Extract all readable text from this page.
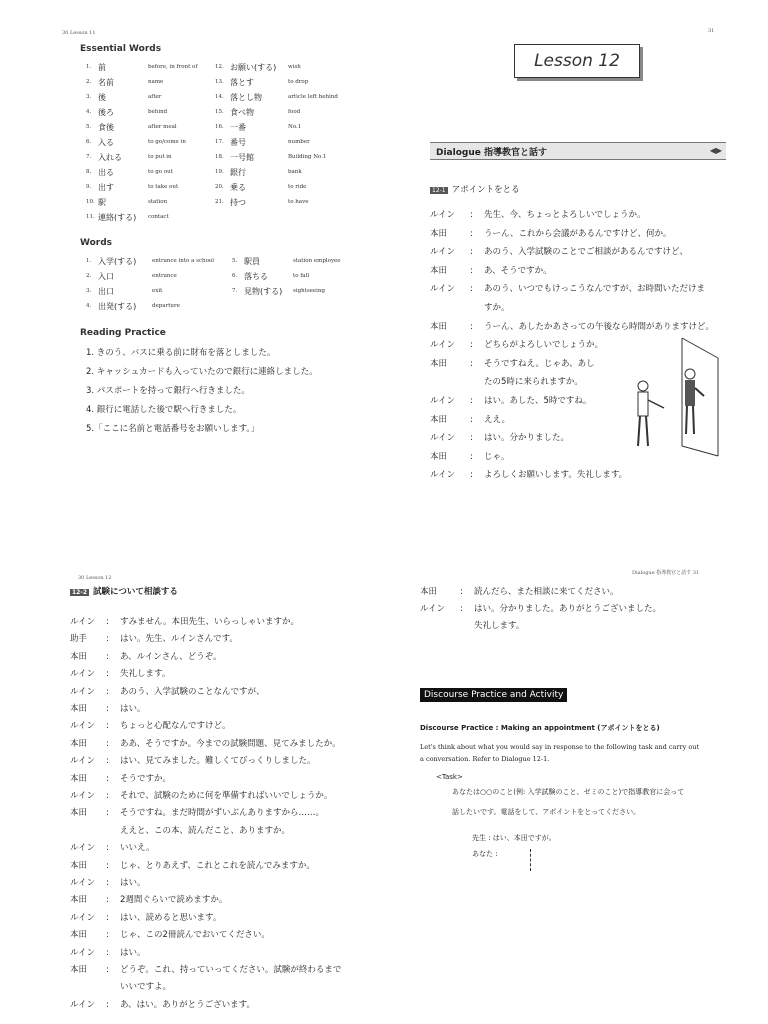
30 Lesson 11
Essential Words
1. 前	before, in front of
2. 名前	name
3. 後	after
4. 後ろ	behind
5. 食後	after meal
6. 入る	to go/come in
7. 入れる	to put in
8. 出る	to go out
9. 出す	to take out
10. 駅	station
11. 連絡(する) contact
12. お願い(する) wish
13. 落とす	to drop
14. 落とし物	article left behind
15. 食べ物	food
16. 一番	No.1
17. 番号	number
18. 一号館	Building No.1
19. 銀行	bank
20. 乗る	to ride
21. 持つ	to have
Words
1. 入学(する)	entrance into a school
2. 入口	entrance
3. 出口	exit
4. 出発(する)	departure
5. 駅員	station employee
6. 落ちる	to fall
7. 見物(する) sightseeing
Reading Practice
1. きのう、バスに乗る前に財布を落としました。
2. キャッシュカードも入っていたので銀行に連絡しました。
3. パスポートを持って銀行へ行きました。
4. 銀行に電話した後で駅へ行きました。
5.「ここに名前と電話番号をお願いします。」
31
Lesson 12
Dialogue 指導教官と話す	◀▶
12-1 アポイントをとる
ルイン : 先生、今、ちょっとよろしいでしょうか。
本田	: うーん、これから会議があるんですけど、何か。
ルイン : あのう、入学試験のことでご相談があるんですけど、
本田	: あ、そうですか。
ルイン : あのう、いつでもけっこうなんですが、お時間いただけま
すか。
本田	: うーん、あしたかあさっての午後なら時間がありますけど。
ルイン : どちらがよろしいでしょうか。
本田	: そうですねえ。じゃあ、あし
たの5時に来られますか。
ルイン : はい。あした、5時ですね。
本田	: ええ。
ルイン : はい。分かりました。
本田	: じゃ。
ルイン : よろしくお願いします。失礼します。
30 Lesson 12
12-2 試験について相談する
ルイン : すみません。本田先生、いらっしゃいますか。
助手 : はい。先生、ルインさんです。
本田 : あ、ルインさん、どうぞ。
ルイン : 失礼します。
ルイン : あのう、入学試験のことなんですが、
本田 : はい。
ルイン : ちょっと心配なんですけど。
本田 : ああ、そうですか。今までの試験問題、見てみましたか。
ルイン : はい、見てみました。難しくてびっくりしました。
本田 : そうですか。
ルイン : それで、試験のために何を準備すればいいでしょうか。
本田 : そうですね。まだ時間がずいぶんありますから……。
ええと、この本、読んだこと、ありますか。
ルイン : いいえ。
本田 : じゃ、とりあえず、これとこれを読んでみますか。
ルイン : はい。
本田 : 2週間ぐらいで読めますか。
ルイン : はい、読めると思います。
本田 : じゃ、この2冊読んでおいてください。
ルイン : はい。
本田 : どうぞ。これ、持っていってください。試験が終わるまで
いいですよ。
ルイン : あ、はい。ありがとうございます。
Dialogue 指導教官と話す 31
本田	: 読んだら、また相談に来てください。
ルイン : はい。分かりました。ありがとうございました。
失礼します。
Discourse Practice and Activity
Discourse Practice : Making an appointment (アポイントをとる)
Let's think about what you would say in response to the following task and carry out
a conversation. Refer to Dialogue 12-1.
<Task>
あなたは○○のこと(例: 入学試験のこと、ゼミのこと)で指導教官に会って
話したいです。電話をして、アポイントをとってください。
先生 : はい、本田ですが。
あなた :
